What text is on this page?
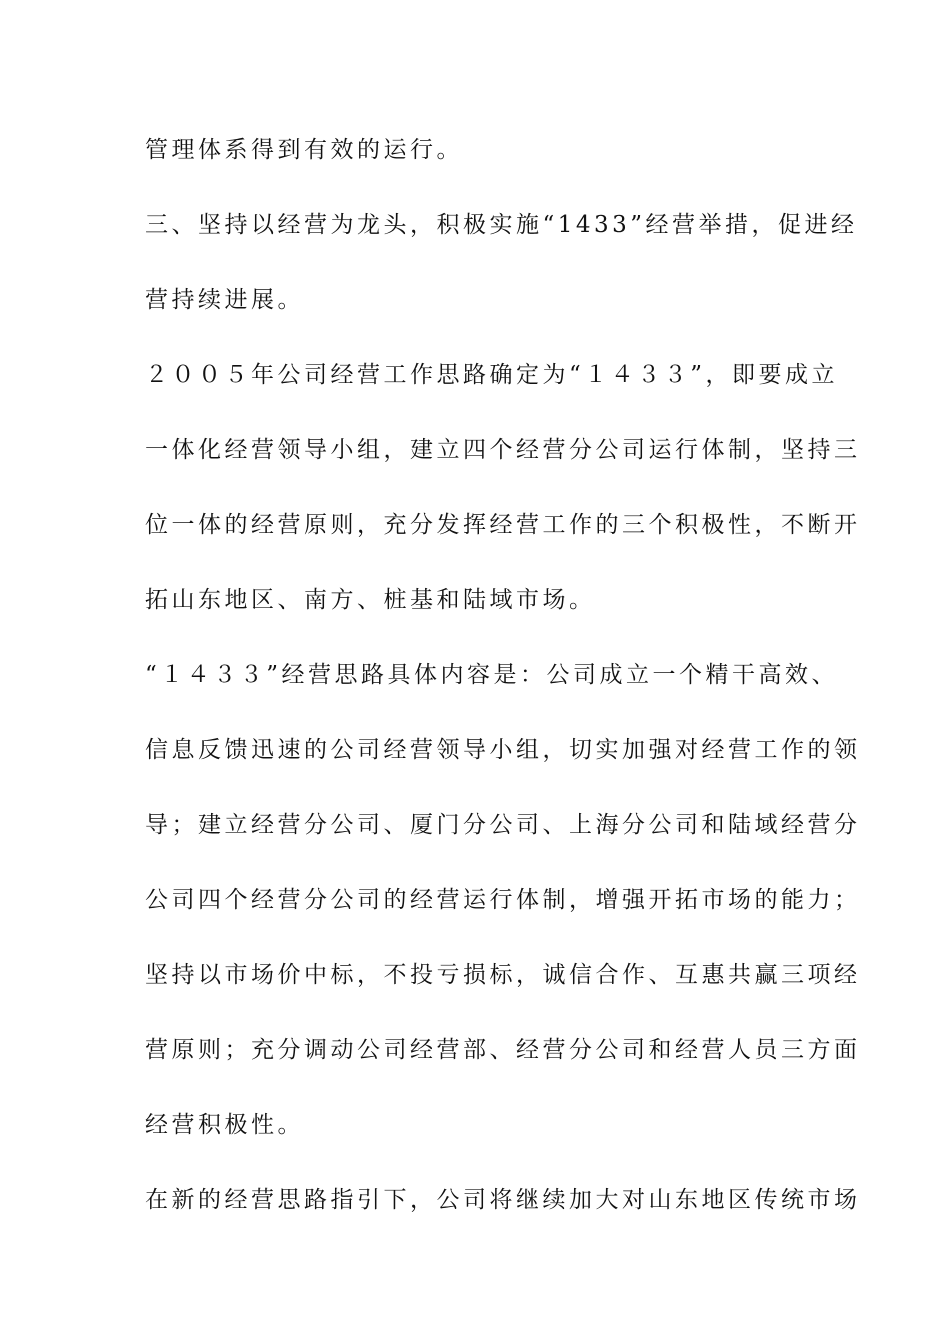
管理体系得到有效的运行。
三、坚持以经营为龙头，积极实施“1433”经营举措，促进经
营持续进展。
２００５年公司经营工作思路确定为“１４３３”，即要成立
一体化经营领导小组，建立四个经营分公司运行体制，坚持三
位一体的经营原则，充分发挥经营工作的三个积极性，不断开
拓山东地区、南方、桩基和陆域市场。
“１４３３”经营思路具体内容是：公司成立一个精干高效、
信息反馈迅速的公司经营领导小组，切实加强对经营工作的领
导；建立经营分公司、厦门分公司、上海分公司和陆域经营分
公司四个经营分公司的经营运行体制，增强开拓市场的能力；
坚持以市场价中标，不投亏损标，诚信合作、互惠共赢三项经
营原则；充分调动公司经营部、经营分公司和经营人员三方面
经营积极性。
在新的经营思路指引下，公司将继续加大对山东地区传统市场
